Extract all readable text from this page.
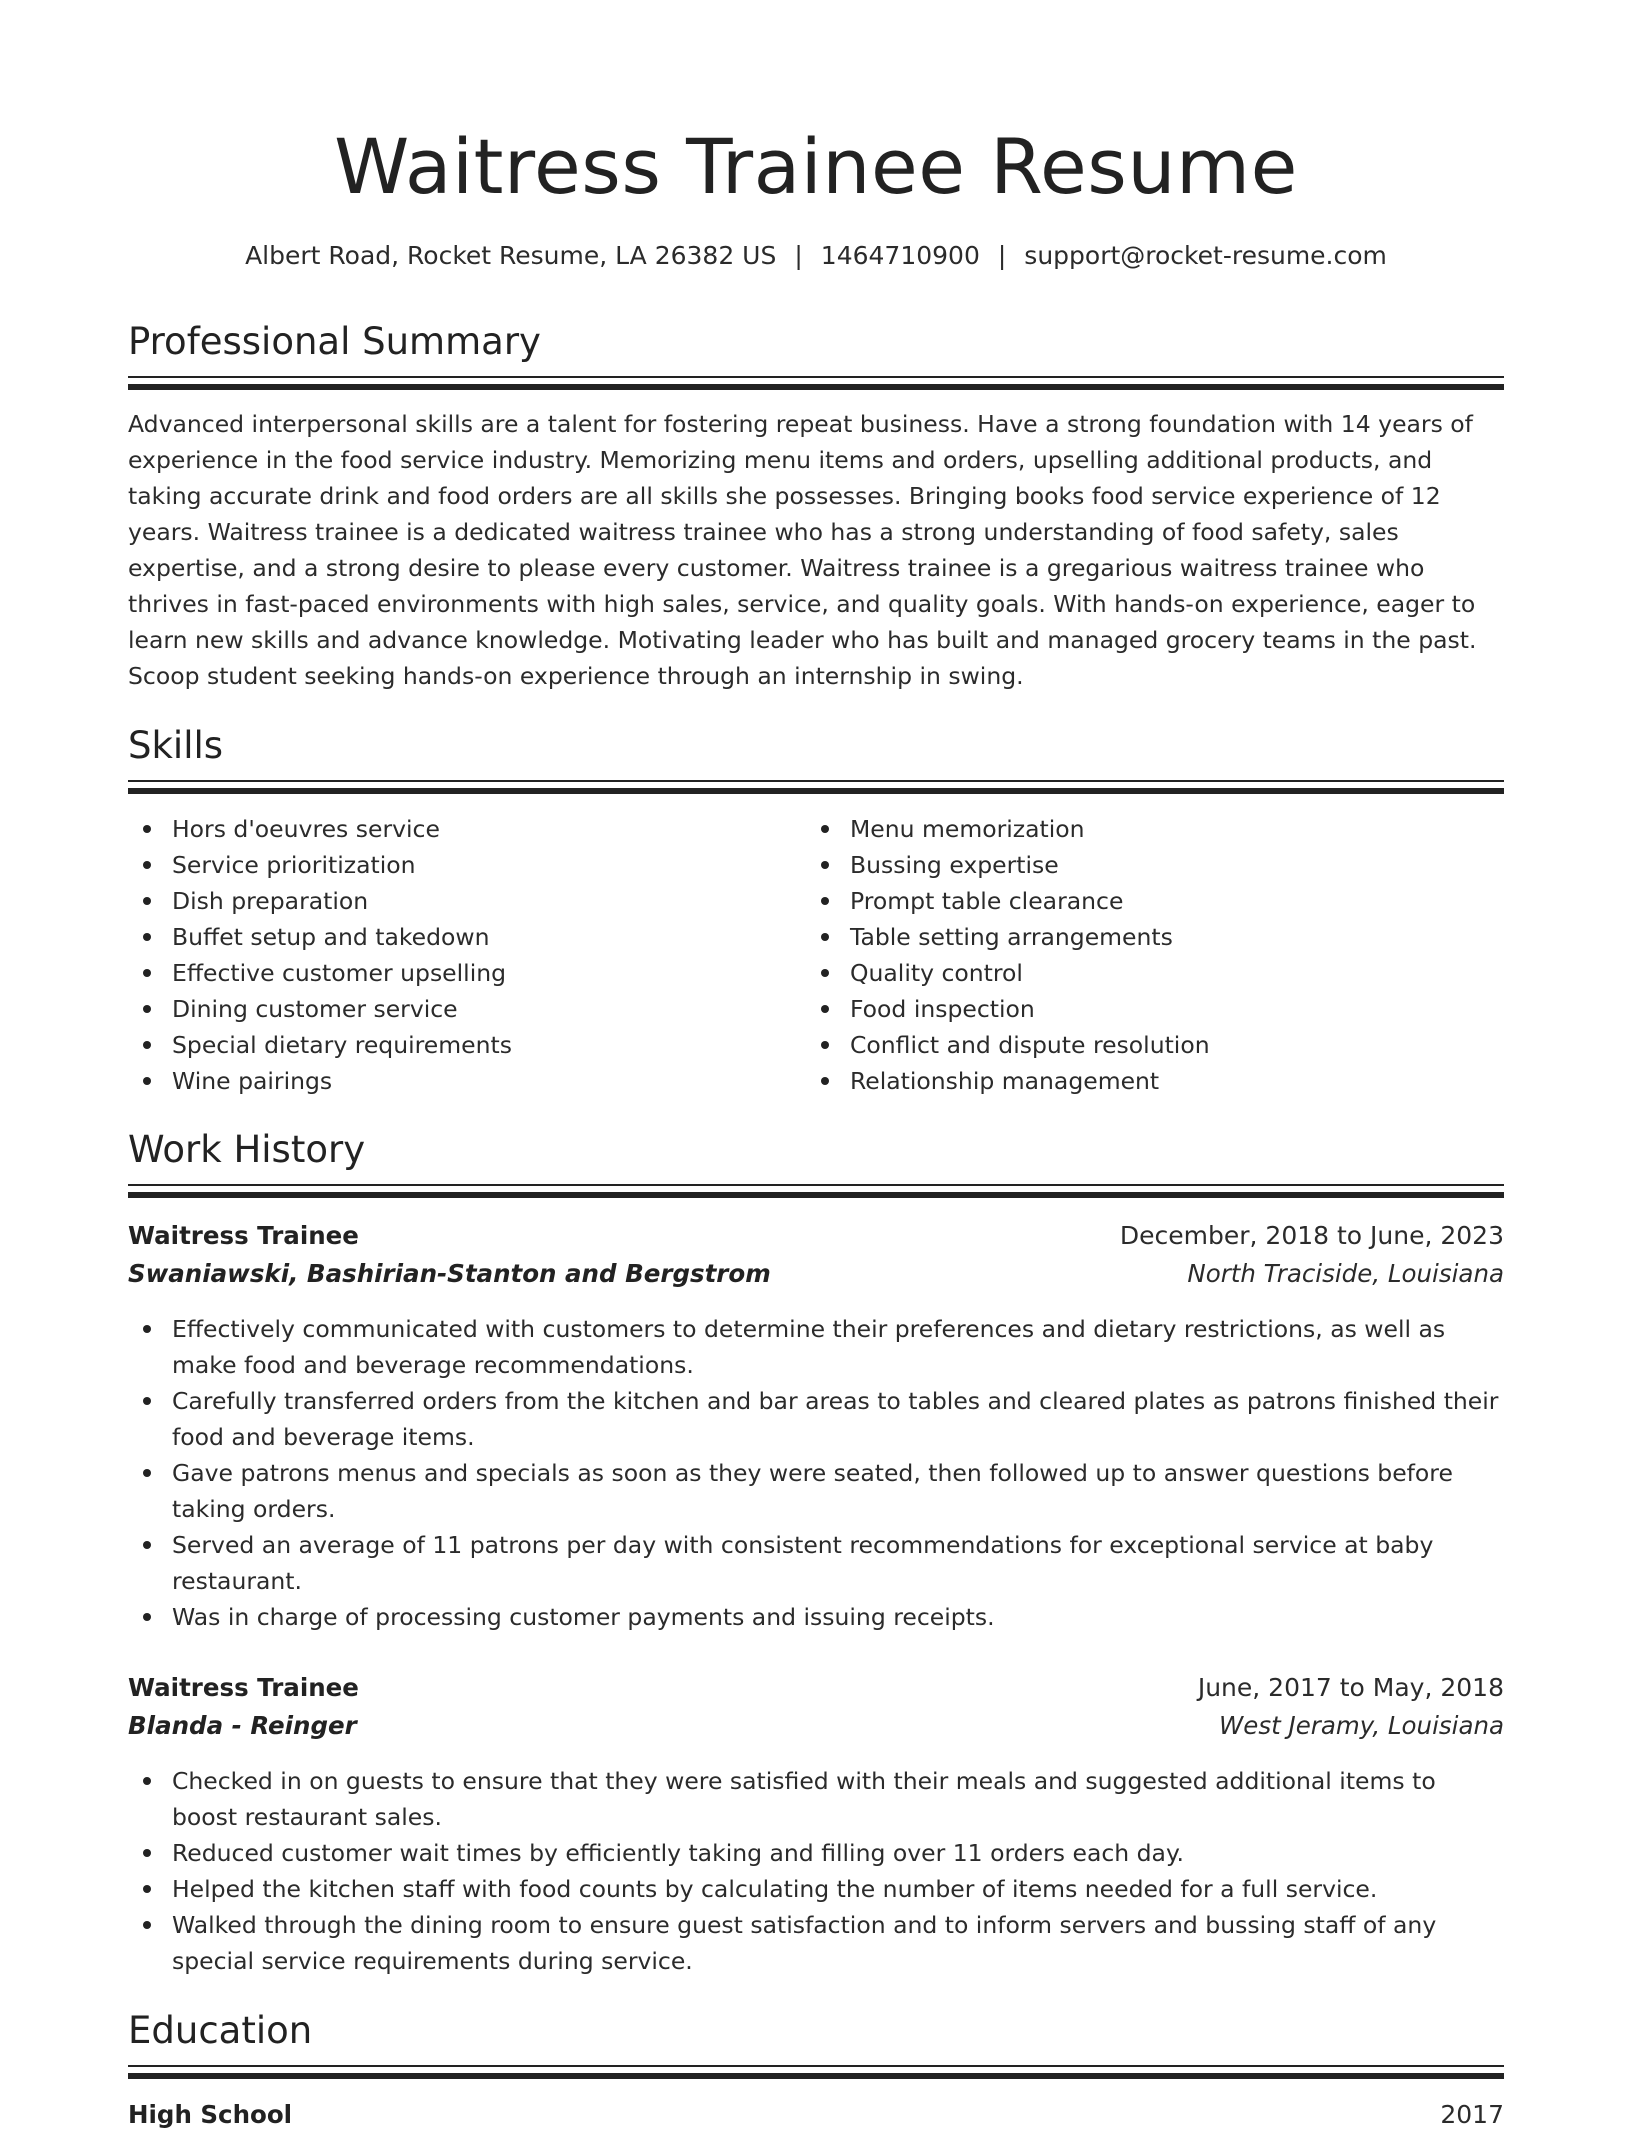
Waitress Trainee Resume
Albert Road, Rocket Resume, LA 26382 US | 1464710900 | support@rocket-resume.com
Professional Summary

Advanced interpersonal skills are a talent for fostering repeat business. Have a strong foundation with 14 years of experience in the food service industry. Memorizing menu items and orders, upselling additional products, and taking accurate drink and food orders are all skills she possesses. Bringing books food service experience of 12 years. Waitress trainee is a dedicated waitress trainee who has a strong understanding of food safety, sales expertise, and a strong desire to please every customer. Waitress trainee is a gregarious waitress trainee who thrives in fast-paced environments with high sales, service, and quality goals. With hands-on experience, eager to learn new skills and advance knowledge. Motivating leader who has built and managed grocery teams in the past. Scoop student seeking hands-on experience through an internship in swing.

Skills
Hors d'oeuvres service
Service prioritization
Dish preparation
Buffet setup and takedown
Effective customer upselling
Dining customer service
Special dietary requirements
Wine pairings
Menu memorization
Bussing expertise
Prompt table clearance
Table setting arrangements
Quality control
Food inspection
Conflict and dispute resolution
Relationship management
Work History
Waitress Trainee	December, 2018 to June, 2023
Swaniawski, Bashirian-Stanton and Bergstrom	North Traciside, Louisiana
Effectively communicated with customers to determine their preferences and dietary restrictions, as well as make food and beverage recommendations.
Carefully transferred orders from the kitchen and bar areas to tables and cleared plates as patrons finished their food and beverage items.
Gave patrons menus and specials as soon as they were seated, then followed up to answer questions before taking orders.
Served an average of 11 patrons per day with consistent recommendations for exceptional service at baby restaurant.
Was in charge of processing customer payments and issuing receipts.
Waitress Trainee	June, 2017 to May, 2018
Blanda - Reinger	West Jeramy, Louisiana
Checked in on guests to ensure that they were satisfied with their meals and suggested additional items to boost restaurant sales.
Reduced customer wait times by efficiently taking and filling over 11 orders each day.
Helped the kitchen staff with food counts by calculating the number of items needed for a full service.
Walked through the dining room to ensure guest satisfaction and to inform servers and bussing staff of any special service requirements during service.
Education
High School	2017
